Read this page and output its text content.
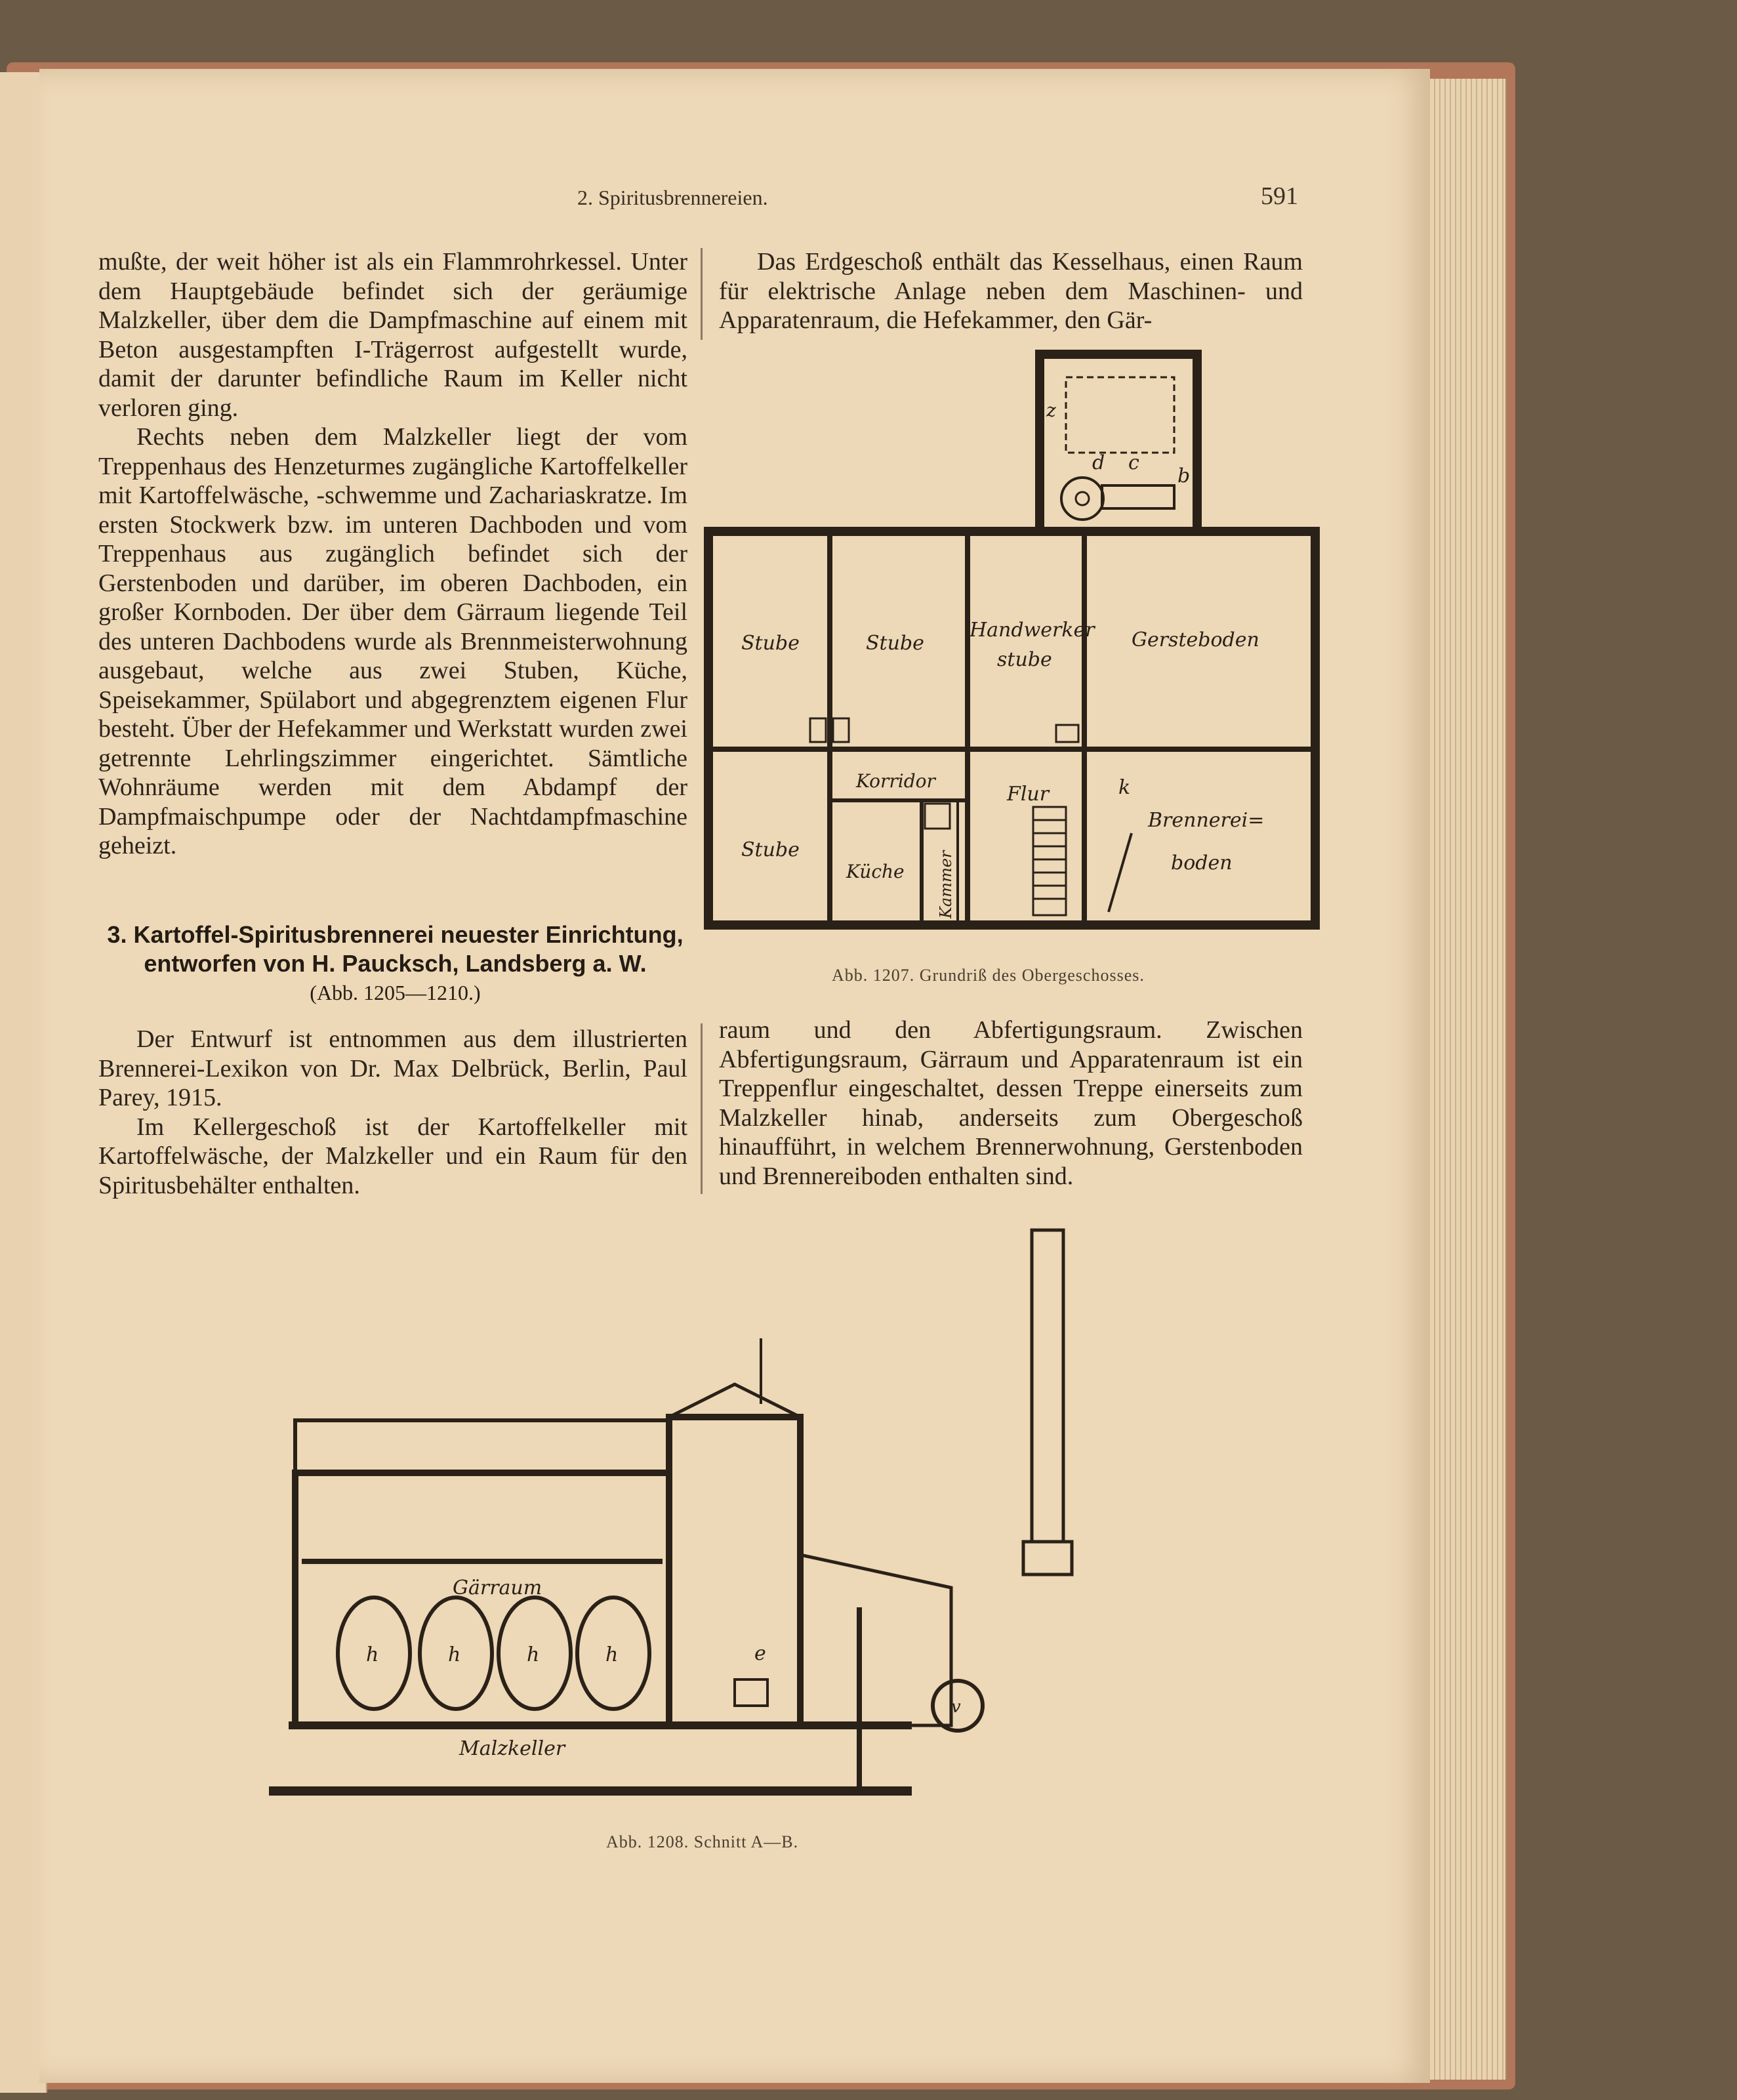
2. Spiritusbrennereien.	591

mußte, der weit höher ist als ein Flammrohrkessel. Unter dem Hauptgebäude befindet sich der geräumige Malzkeller, über dem die Dampfmaschine auf einem mit Beton ausgestampften I-Trägerrost aufgestellt wurde, damit der darunter befindliche Raum im Keller nicht verloren ging.

Rechts neben dem Malzkeller liegt der vom Treppenhaus des Henzeturmes zugängliche Kartoffelkeller mit Kartoffelwäsche, -schwemme und Zachariaskratze. Im ersten Stockwerk bzw. im unteren Dachboden und vom Treppenhaus aus zugänglich befindet sich der Gerstenboden und darüber, im oberen Dachboden, ein großer Kornboden. Der über dem Gärraum liegende Teil des unteren Dachbodens wurde als Brennmeisterwohnung ausgebaut, welche aus zwei Stuben, Küche, Speisekammer, Spülabort und abgegrenztem eigenen Flur besteht. Über der Hefekammer und Werkstatt wurden zwei getrennte Lehrlingszimmer eingerichtet. Sämtliche Wohnräume werden mit dem Abdampf der Dampfmaischpumpe oder der Nachtdampfmaschine geheizt.

3. Kartoffel-Spiritusbrennerei neuester Einrichtung,
entworfen von H. Paucksch, Landsberg a. W.
(Abb. 1205—1210.)

Der Entwurf ist entnommen aus dem illustrierten Brennerei-Lexikon von Dr. Max Delbrück, Berlin, Paul Parey, 1915.

Im Kellergeschoß ist der Kartoffelkeller mit Kartoffelwäsche, der Malzkeller und ein Raum für den Spiritusbehälter enthalten.

Das Erdgeschoß enthält das Kesselhaus, einen Raum für elektrische Anlage neben dem Maschinen- und Apparatenraum, die Hefekammer, den Gär-

z
d c
b
Stube	Stube
Handwerker
stube
Gersteboden
Stube
Korridor
Küche Kammer
Flur	k
Brennerei=
boden
Abb. 1207. Grundriß des Obergeschosses.

raum und den Abfertigungsraum. Zwischen Abfertigungsraum, Gärraum und Apparatenraum ist ein Treppenflur eingeschaltet, dessen Treppe einerseits zum Malzkeller hinab, anderseits zum Obergeschoß hinaufführt, in welchem Brennerwohnung, Gerstenboden und Brennereiboden enthalten sind.

Gärraum
h	h	h	h	e
v
Malzkeller
Abb. 1208. Schnitt A—B.
